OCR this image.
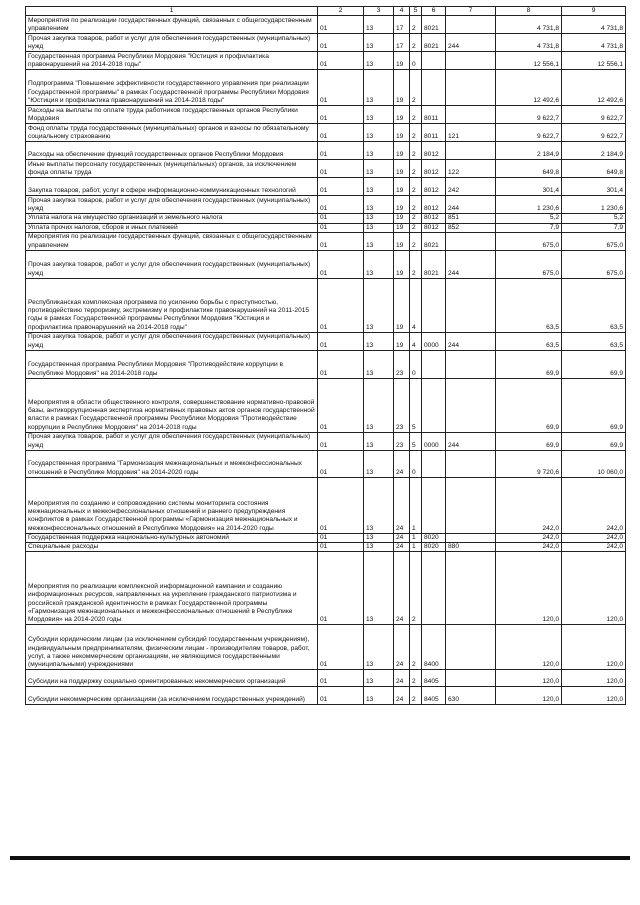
1	2	3	4	5	6	7	8	9
Мероприятия по реализации государственных функций, связанных с общегосударственным управлением	01	13	17	2	8021		4 731,8	4 731,8
Прочая закупка товаров, работ и услуг для обеспечения государственных (муниципальных) нужд	01	13	17	2	8021	244	4 731,8	4 731,8
Государственная программа Республики Мордовия "Юстиция и профилактика правонарушений на 2014-2018 годы"	01	13	19	0			12 556,1	12 556,1
Подпрограмма "Повышение эффективности государственного управления при реализации Государственной программы" в рамках Государственной программы Республики Мордовия "Юстиция и профилактика правонарушений на 2014-2018 годы"	01	13	19	2			12 492,6	12 492,6
Расходы на выплаты по оплате труда работников государственных органов Республики Мордовия	01	13	19	2	8011		9 622,7	9 622,7
Фонд оплаты труда государственных (муниципальных) органов и взносы по обязательному социальному страхованию	01	13	19	2	8011	121	9 622,7	9 622,7
Расходы на обеспечение функций государственных органов Республики Мордовия	01	13	19	2	8012		2 184,9	2 184,9
Иные выплаты персоналу государственных (муниципальных) органов, за исключением фонда оплаты труда	01	13	19	2	8012	122	649,8	649,8
Закупка товаров, работ, услуг в сфере информационно-коммуникационных технологий	01	13	19	2	8012	242	301,4	301,4
Прочая закупка товаров, работ и услуг для обеспечения государственных (муниципальных) нужд	01	13	19	2	8012	244	1 230,6	1 230,6
Уплата налога на имущество организаций и земельного налога	01	13	19	2	8012	851	5,2	5,2
Уплата прочих налогов, сборов и иных платежей	01	13	19	2	8012	852	7,9	7,9
Мероприятия по реализации государственных функций, связанных с общегосударственным управлением	01	13	19	2	8021		675,0	675,0
Прочая закупка товаров, работ и услуг для обеспечения государственных (муниципальных) нужд	01	13	19	2	8021	244	675,0	675,0
Республиканская комплексная программа по усилению борьбы с преступностью, противодействию терроризму, экстремизму и профилактике правонарушений на 2011-2015 годы в рамках Государственной программы Республики Мордовия "Юстиция и профилактика правонарушений на 2014-2018 годы"	01	13	19	4			63,5	63,5
Прочая закупка товаров, работ и услуг для обеспечения государственных (муниципальных) нужд	01	13	19	4	0000	244	63,5	63,5
Государственная программа Республики Мордовия "Противодействие коррупции в Республике Мордовия" на 2014-2018 годы	01	13	23	0			69,9	69,9
Мероприятия в области общественного контроля, совершенствование нормативно-правовой базы, антикоррупционная экспертиза нормативных правовых актов органов государственной власти в рамках Государственной программы Республики Мордовия "Противодействие коррупции в Республике Мордовия" на 2014-2018 годы	01	13	23	5			69,9	69,9
Прочая закупка товаров, работ и услуг для обеспечения государственных (муниципальных) нужд	01	13	23	5	0000	244	69,9	69,9
Государственная программа "Гармонизация межнациональных и межконфессиональных отношений в Республике Мордовия" на 2014-2020 годы	01	13	24	0			9 720,6	10 060,0
Мероприятия по созданию и сопровождению системы мониторинга состояния межнациональных и межконфессиональных отношений и раннего предупреждения конфликтов в рамках Государственной программы «Гармонизация межнациональных и межконфессиональных отношений в Республике Мордовия» на 2014-2020 годы	01	13	24	1			242,0	242,0
Государственная поддержка национально-культурных автономий	01	13	24	1	8020		242,0	242,0
Специальные расходы	01	13	24	1	8020	880	242,0	242,0
Мероприятия по реализации комплексной информационной кампании и созданию информационных ресурсов, направленных на укрепление гражданского патриотизма и российской гражданской идентичности в рамках Государственной программы «Гармонизация межнациональных и межконфессиональных отношений в Республике Мордовия» на 2014-2020 годы	01	13	24	2			120,0	120,0
Субсидии юридическим лицам (за исключением субсидий государственным учреждениям), индивидуальным предпринимателям, физическим лицам - производителям товаров, работ, услуг, а также некоммерческим организациям, не являющимся государственными (муниципальными) учреждениями	01	13	24	2	8400		120,0	120,0
Субсидии на поддержку социально ориентированных некоммерческих организаций	01	13	24	2	8405		120,0	120,0
Субсидии некоммерческим организациям (за исключением государственных учреждений)	01	13	24	2	8405	630	120,0	120,0
